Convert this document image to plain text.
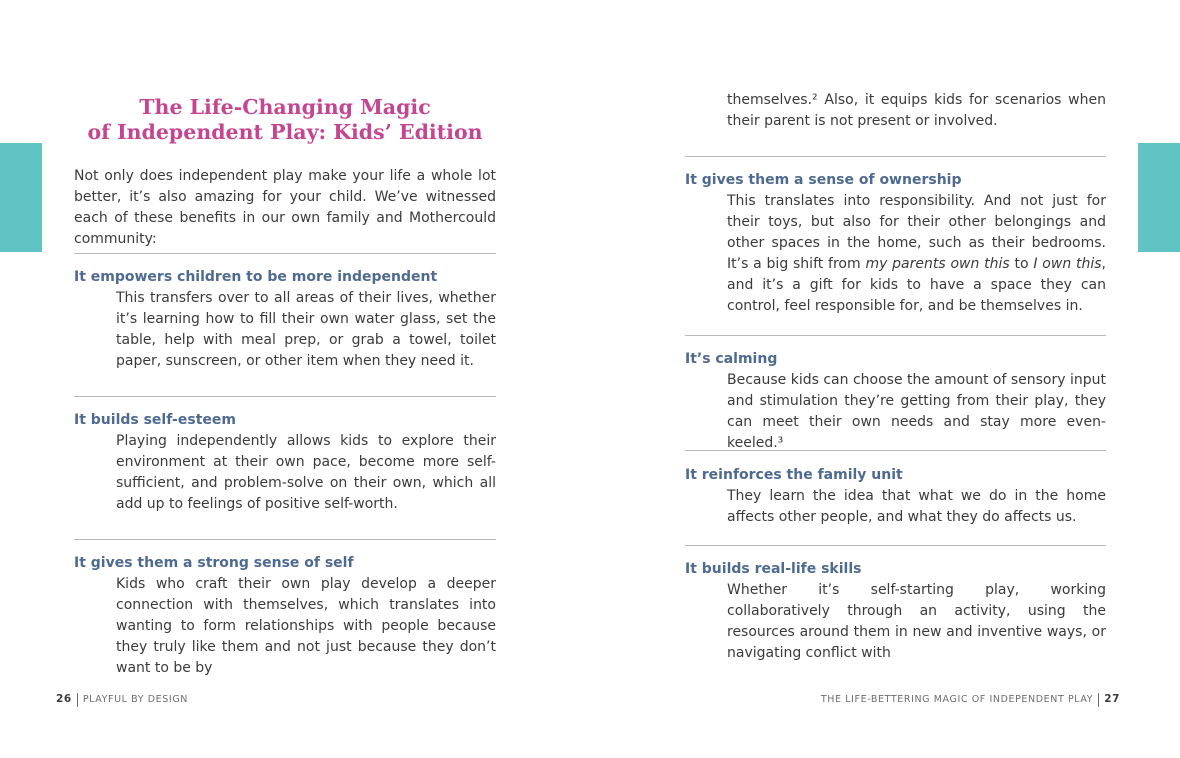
The Life-Changing Magic
of Independent Play: Kids’ Edition

Not only does independent play make your life a whole lot better, it’s also amazing for your child. We’ve witnessed each of these benefits in our own family and Mothercould community:

It empowers children to be more independent

This transfers over to all areas of their lives, whether it’s learning how to fill their own water glass, set the table, help with meal prep, or grab a towel, toilet paper, sunscreen, or other item when they need it.

It builds self-esteem

Playing independently allows kids to explore their environment at their own pace, become more self-sufficient, and problem-solve on their own, which all add up to feelings of positive self-worth.

It gives them a strong sense of self

Kids who craft their own play develop a deeper connection with themselves, which translates into wanting to form relationships with people because they truly like them and not just because they don’t want to be by

26 PLAYFUL BY DESIGN

themselves.² Also, it equips kids for scenarios when their parent is not present or involved.

It gives them a sense of ownership

This translates into responsibility. And not just for their toys, but also for their other belongings and other spaces in the home, such as their bedrooms. It’s a big shift from my parents own this to I own this, and it’s a gift for kids to have a space they can control, feel responsible for, and be themselves in.

It’s calming

Because kids can choose the amount of sensory input and stimulation they’re getting from their play, they can meet their own needs and stay more even-keeled.³

It reinforces the family unit

They learn the idea that what we do in the home affects other people, and what they do affects us.

It builds real-life skills

Whether it’s self-starting play, working collaboratively through an activity, using the resources around them in new and inventive ways, or navigating conflict with

THE LIFE-BETTERING MAGIC OF INDEPENDENT PLAY 27
